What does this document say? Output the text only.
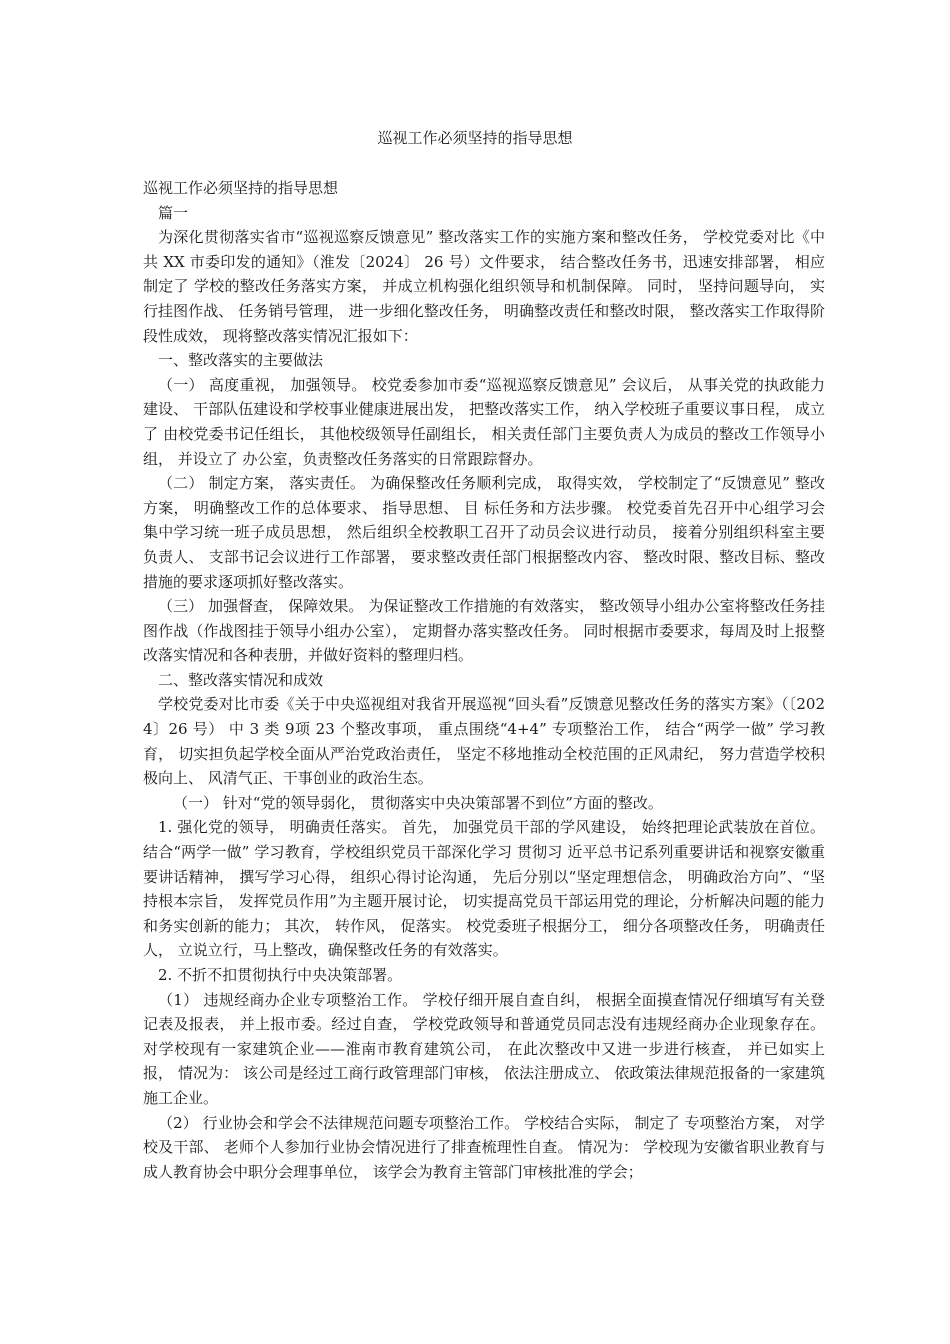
巡视工作必须坚持的指导思想

巡视工作必须坚持的指导思想

篇一

为深化贯彻落实省市“巡视巡察反馈意见” 整改落实工作的实施方案和整改任务， 学校党委对比《中共 XX 市委印发的通知》（淮发〔2024〕 26 号）文件要求， 结合整改任务书，迅速安排部署， 相应制定了 学校的整改任务落实方案， 并成立机构强化组织领导和机制保障。 同时， 坚持问题导向， 实行挂图作战、 任务销号管理， 进一步细化整改任务， 明确整改责任和整改时限， 整改落实工作取得阶段性成效， 现将整改落实情况汇报如下：

一、整改落实的主要做法

（一） 高度重视， 加强领导。 校党委参加市委“巡视巡察反馈意见” 会议后， 从事关党的执政能力建设、 干部队伍建设和学校事业健康进展出发， 把整改落实工作， 纳入学校班子重要议事日程， 成立了 由校党委书记任组长， 其他校级领导任副组长， 相关责任部门主要负责人为成员的整改工作领导小组， 并设立了 办公室，负责整改任务落实的日常跟踪督办。

（二） 制定方案， 落实责任。 为确保整改任务顺利完成， 取得实效， 学校制定了“反馈意见” 整改方案， 明确整改工作的总体要求、 指导思想、 目 标任务和方法步骤。 校党委首先召开中心组学习会集中学习统一班子成员思想， 然后组织全校教职工召开了动员会议进行动员， 接着分别组织科室主要负责人、 支部书记会议进行工作部署， 要求整改责任部门根据整改内容、 整改时限、整改目标、整改措施的要求逐项抓好整改落实。

（三） 加强督查， 保障效果。 为保证整改工作措施的有效落实， 整改领导小组办公室将整改任务挂图作战（作战图挂于领导小组办公室）， 定期督办落实整改任务。 同时根据市委要求，每周及时上报整改落实情况和各种表册，并做好资料的整理归档。

二、整改落实情况和成效

学校党委对比市委《关于中央巡视组对我省开展巡视“回头看”反馈意见整改任务的落实方案》（〔2024〕26 号） 中 3 类 9项 23 个整改事项， 重点围绕“4+4” 专项整治工作， 结合“两学一做” 学习教育， 切实担负起学校全面从严治党政治责任， 坚定不移地推动全校范围的正风肃纪， 努力营造学校积极向上、 风清气正、干事创业的政治生态。

（一） 针对“党的领导弱化， 贯彻落实中央决策部署不到位”方面的整改。

1. 强化党的领导， 明确责任落实。 首先， 加强党员干部的学风建设， 始终把理论武装放在首位。 结合“两学一做” 学习教育，学校组织党员干部深化学习 贯彻习 近平总书记系列重要讲话和视察安徽重要讲话精神， 撰写学习心得， 组织心得讨论沟通， 先后分别以“坚定理想信念， 明确政治方向”、“坚持根本宗旨， 发挥党员作用”为主题开展讨论， 切实提高党员干部运用党的理论，分析解决问题的能力和务实创新的能力； 其次， 转作风， 促落实。 校党委班子根据分工， 细分各项整改任务， 明确责任人， 立说立行，马上整改，确保整改任务的有效落实。

2. 不折不扣贯彻执行中央决策部署。

（1） 违规经商办企业专项整治工作。 学校仔细开展自查自纠， 根据全面摸查情况仔细填写有关登记表及报表， 并上报市委。经过自查， 学校党政领导和普通党员同志没有违规经商办企业现象存在。 对学校现有一家建筑企业——淮南市教育建筑公司， 在此次整改中又进一步进行核查， 并已如实上报， 情况为： 该公司是经过工商行政管理部门审核， 依法注册成立、 依政策法律规范报备的一家建筑施工企业。

（2） 行业协会和学会不法律规范问题专项整治工作。 学校结合实际， 制定了 专项整治方案， 对学校及干部、 老师个人参加行业协会情况进行了排查梳理性自查。 情况为： 学校现为安徽省职业教育与成人教育协会中职分会理事单位， 该学会为教育主管部门审核批准的学会；
